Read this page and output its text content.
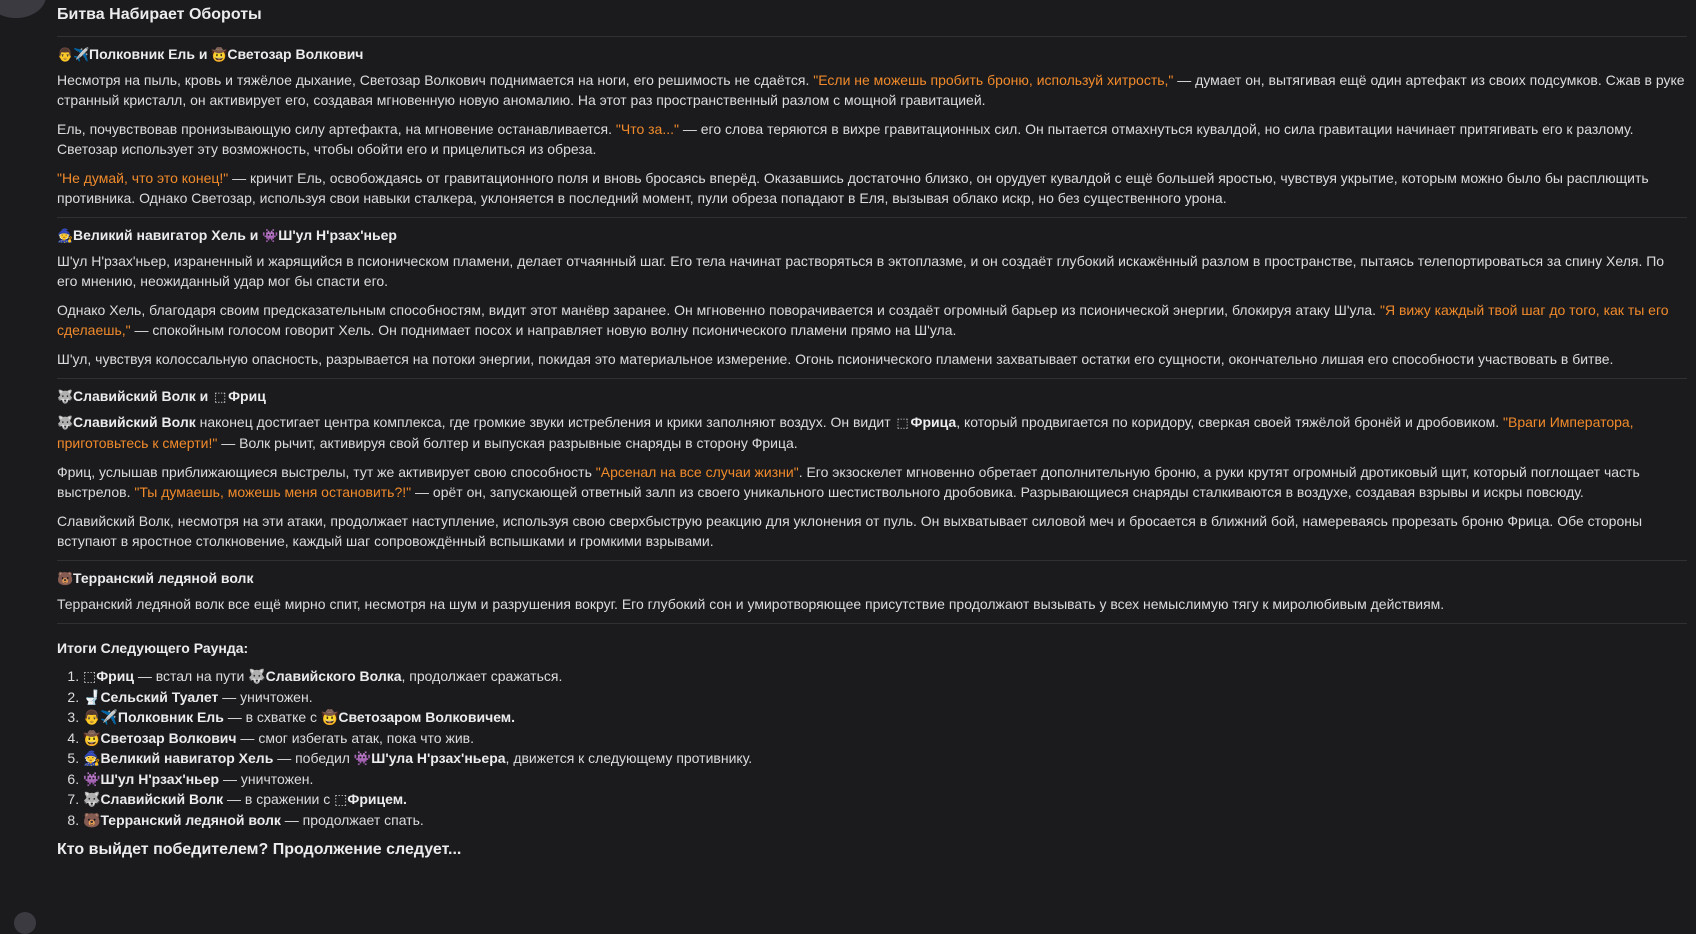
Битва Набирает Обороты
👨✈️Полковник Ель и 🤠Светозар Волкович

Несмотря на пыль, кровь и тяжёлое дыхание, Светозар Волкович поднимается на ноги, его решимость не сдаётся. "Если не можешь пробить броню, используй хитрость," — думает он, вытягивая ещё один артефакт из своих подсумков. Сжав в руке странный кристалл, он активирует его, создавая мгновенную новую аномалию. На этот раз пространственный разлом с мощной гравитацией.

Ель, почувствовав пронизывающую силу артефакта, на мгновение останавливается. "Что за..." — его слова теряются в вихре гравитационных сил. Он пытается отмахнуться кувалдой, но сила гравитации начинает притягивать его к разлому. Светозар использует эту возможность, чтобы обойти его и прицелиться из обреза.

"Не думай, что это конец!" — кричит Ель, освобождаясь от гравитационного поля и вновь бросаясь вперёд. Оказавшись достаточно близко, он орудует кувалдой с ещё большей яростью, чувствуя укрытие, которым можно было бы расплющить противника. Однако Светозар, используя свои навыки сталкера, уклоняется в последний момент, пули обреза попадают в Еля, вызывая облако искр, но без существенного урона.

🧙Великий навигатор Хель и 👾Ш'ул Н'рзах'ньер

Ш'ул Н'рзах'ньер, израненный и жарящийся в псионическом пламени, делает отчаянный шаг. Его тела начинат растворяться в эктоплазме, и он создаёт глубокий искажённый разлом в пространстве, пытаясь телепортироваться за спину Хеля. По его мнению, неожиданный удар мог бы спасти его.

Однако Хель, благодаря своим предсказательным способностям, видит этот манёвр заранее. Он мгновенно поворачивается и создаёт огромный барьер из псионической энергии, блокируя атаку Ш'ула. "Я вижу каждый твой шаг до того, как ты его сделаешь," — спокойным голосом говорит Хель. Он поднимает посох и направляет новую волну псионического пламени прямо на Ш'ула.

Ш'ул, чувствуя колоссальную опасность, разрывается на потоки энергии, покидая это материальное измерение. Огонь псионического пламени захватывает остатки его сущности, окончательно лишая его способности участвовать в битве.

🐺Славийский Волк и ⬚ Фриц

🐺Славийский Волк наконец достигает центра комплекса, где громкие звуки истребления и крики заполняют воздух. Он видит ⬚ Фрица, который продвигается по коридору, сверкая своей тяжёлой бронёй и дробовиком. "Враги Императора, приготовьтесь к смерти!" — Волк рычит, активируя свой болтер и выпуская разрывные снаряды в сторону Фрица.

Фриц, услышав приближающиеся выстрелы, тут же активирует свою способность "Арсенал на все случаи жизни". Его экзоскелет мгновенно обретает дополнительную броню, а руки крутят огромный дротиковый щит, который поглощает часть выстрелов. "Ты думаешь, можешь меня остановить?!" — орёт он, запускающей ответный залп из своего уникального шестиствольного дробовика. Разрывающиеся снаряды сталкиваются в воздухе, создавая взрывы и искры повсюду.

Славийский Волк, несмотря на эти атаки, продолжает наступление, используя свою сверхбыструю реакцию для уклонения от пуль. Он выхватывает силовой меч и бросается в ближний бой, намереваясь прорезать броню Фрица. Обе стороны вступают в яростное столкновение, каждый шаг сопровождённый вспышками и громкими взрывами.

🐻Терранский ледяной волк

Терранский ледяной волк все ещё мирно спит, несмотря на шум и разрушения вокруг. Его глубокий сон и умиротворяющее присутствие продолжают вызывать у всех немыслимую тягу к миролюбивым действиям.

Итоги Следующего Раунда:
1. ⬚Фриц — встал на пути 🐺Славийского Волка, продолжает сражаться.
2. 🚽Сельский Туалет — уничтожен.
3. 👨✈️Полковник Ель — в схватке с 🤠Светозаром Волковичем.
4. 🤠Светозар Волкович — смог избегать атак, пока что жив.
5. 🧙Великий навигатор Хель — победил 👾Ш'ула Н'рзах'ньера, движется к следующему противнику.
6. 👾Ш'ул Н'рзах'ньер — уничтожен.
7. 🐺Славийский Волк — в сражении с ⬚Фрицем.
8. 🐻Терранский ледяной волк — продолжает спать.
Кто выйдет победителем? Продолжение следует...
